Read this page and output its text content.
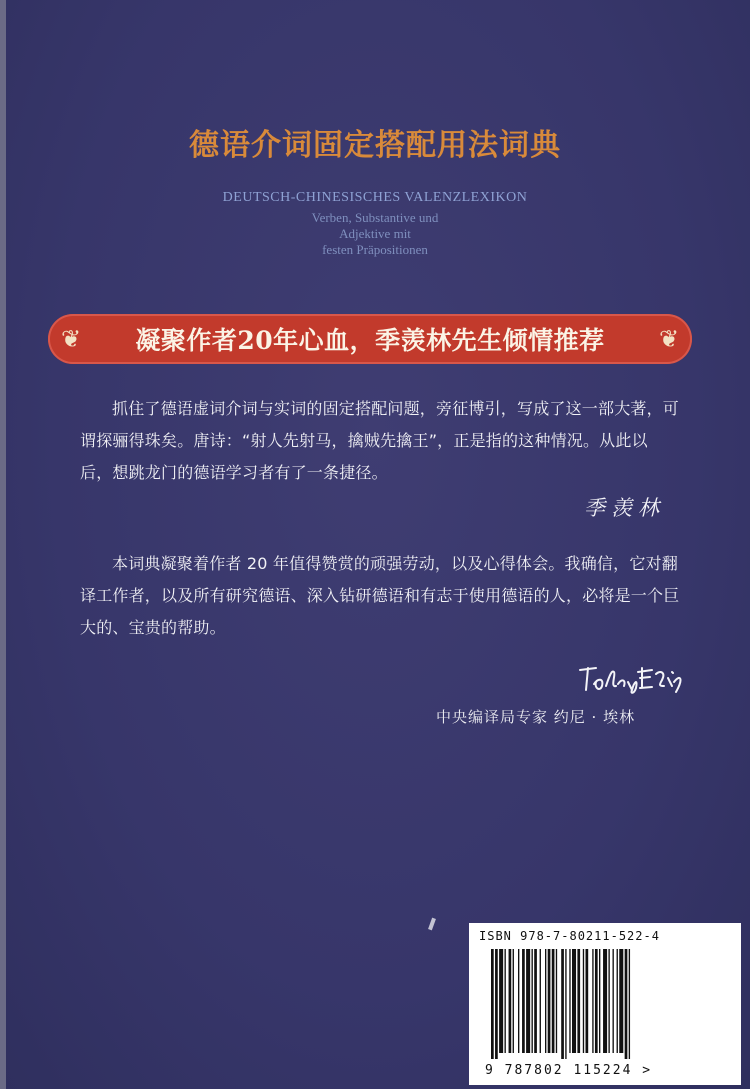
德语介词固定搭配用法词典
DEUTSCH-CHINESISCHES VALENZLEXIKON
Verben, Substantive und
Adjektive mit
festen Präpositionen
❦ 凝聚作者20年心血，季羡林先生倾情推荐 ❦
抓住了德语虚词介词与实词的固定搭配问题，旁征博引，写成了这一部大著，可谓探骊得珠矣。唐诗：“射人先射马，擒贼先擒王”，正是指的这种情况。从此以后，想跳龙门的德语学习者有了一条捷径。
季羡林
本词典凝聚着作者 20 年值得赞赏的顽强劳动，以及心得体会。我确信，它对翻译工作者，以及所有研究德语、深入钻研德语和有志于使用德语的人，必将是一个巨大的、宝贵的帮助。
中央编译局专家 约尼 · 埃林
ISBN 978-7-80211-522-4
9 787802 115224 >
